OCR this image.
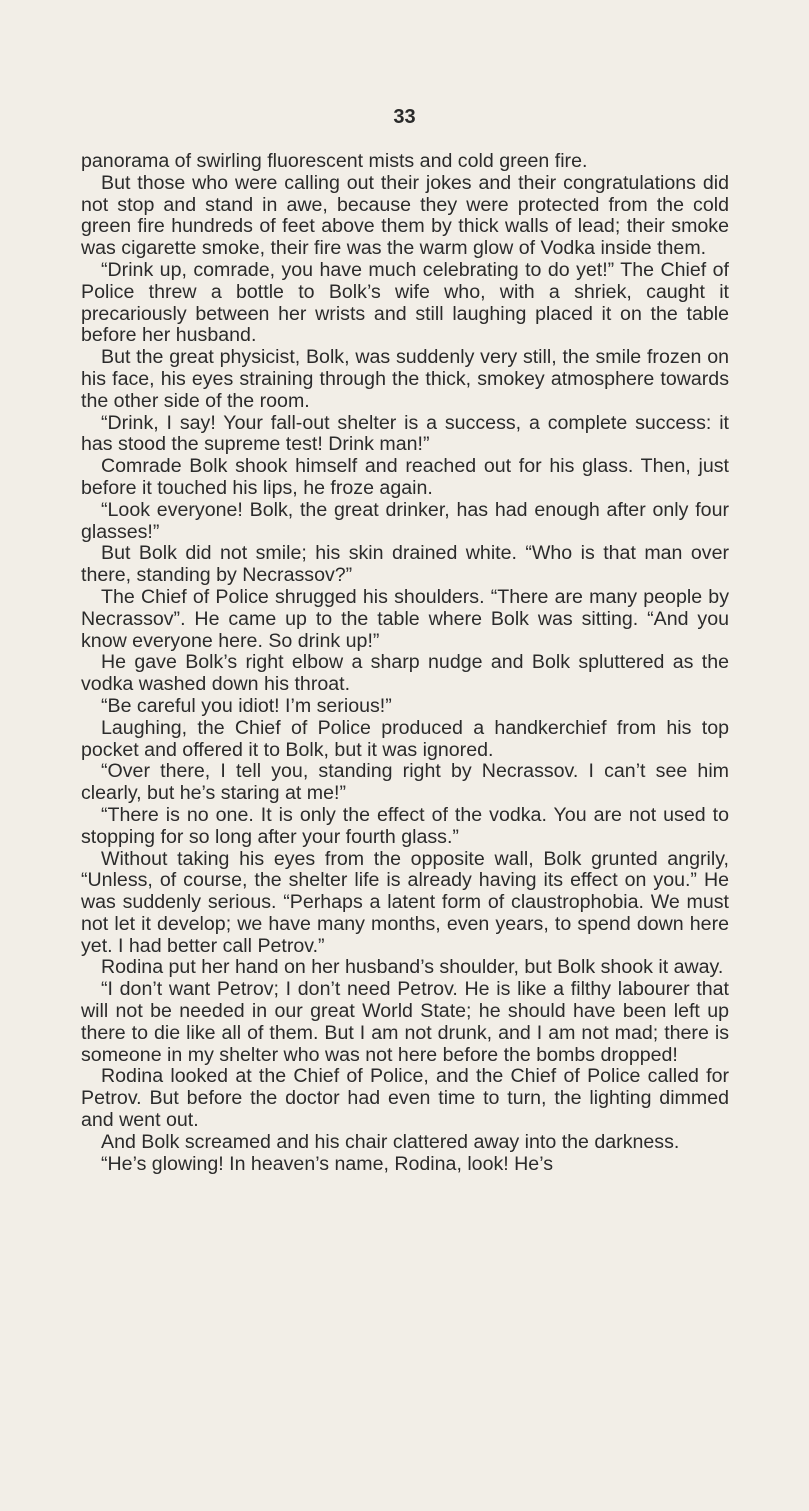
33

panorama of swirling fluorescent mists and cold green fire.

But those who were calling out their jokes and their congratulations did not stop and stand in awe, because they were protected from the cold green fire hundreds of feet above them by thick walls of lead; their smoke was cigarette smoke, their fire was the warm glow of Vodka inside them.

“Drink up, comrade, you have much celebrating to do yet!” The Chief of Police threw a bottle to Bolk’s wife who, with a shriek, caught it precariously between her wrists and still laughing placed it on the table before her husband.

But the great physicist, Bolk, was suddenly very still, the smile frozen on his face, his eyes straining through the thick, smokey atmosphere towards the other side of the room.

“Drink, I say! Your fall-out shelter is a success, a complete success: it has stood the supreme test! Drink man!”

Comrade Bolk shook himself and reached out for his glass. Then, just before it touched his lips, he froze again.

“Look everyone! Bolk, the great drinker, has had enough after only four glasses!”

But Bolk did not smile; his skin drained white. “Who is that man over there, standing by Necrassov?”

The Chief of Police shrugged his shoulders. “There are many people by Necrassov”. He came up to the table where Bolk was sitting. “And you know everyone here. So drink up!”

He gave Bolk’s right elbow a sharp nudge and Bolk spluttered as the vodka washed down his throat.

“Be careful you idiot! I’m serious!”

Laughing, the Chief of Police produced a handkerchief from his top pocket and offered it to Bolk, but it was ignored.

“Over there, I tell you, standing right by Necrassov. I can’t see him clearly, but he’s staring at me!”

“There is no one. It is only the effect of the vodka. You are not used to stopping for so long after your fourth glass.”

Without taking his eyes from the opposite wall, Bolk grunted angrily, “Unless, of course, the shelter life is already having its effect on you.” He was suddenly serious. “Perhaps a latent form of claustrophobia. We must not let it develop; we have many months, even years, to spend down here yet. I had better call Petrov.”

Rodina put her hand on her husband’s shoulder, but Bolk shook it away.

“I don’t want Petrov; I don’t need Petrov. He is like a filthy labourer that will not be needed in our great World State; he should have been left up there to die like all of them. But I am not drunk, and I am not mad; there is someone in my shelter who was not here before the bombs dropped!

Rodina looked at the Chief of Police, and the Chief of Police called for Petrov. But before the doctor had even time to turn, the lighting dimmed and went out.

And Bolk screamed and his chair clattered away into the darkness.

“He’s glowing! In heaven’s name, Rodina, look! He’s
